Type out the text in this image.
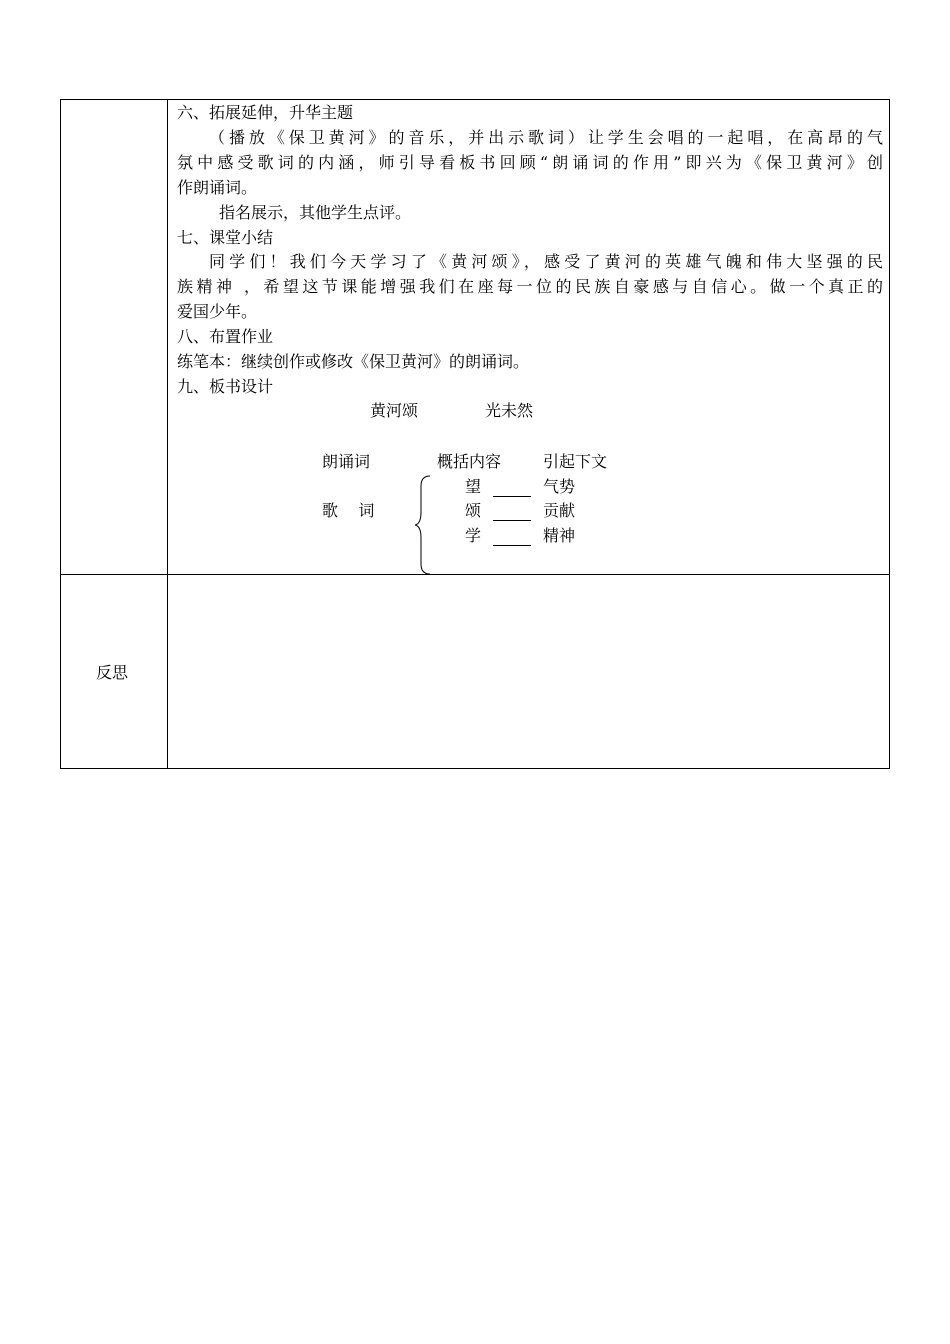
六、拓展延伸，升华主题
（播放《保卫黄河》的音乐，并出示歌词）让学生会唱的一起唱，在高昂的气
氛中感受歌词的内涵，师引导看板书回顾“朗诵词的作用”即兴为《保卫黄河》创
作朗诵词。
指名展示，其他学生点评。
七、课堂小结
同学们！我们今天学习了《黄河颂》，感受了黄河的英雄气魄和伟大坚强的民
族精神 ，希望这节课能增强我们在座每一位的民族自豪感与自信心。做一个真正的
爱国少年。
八、布置作业
练笔本：继续创作或修改《保卫黄河》的朗诵词。
九、板书设计
黄河颂	光未然
朗诵词	概括内容	引起下文
歌    词
望	气势
颂	贡献
学	精神
反思
